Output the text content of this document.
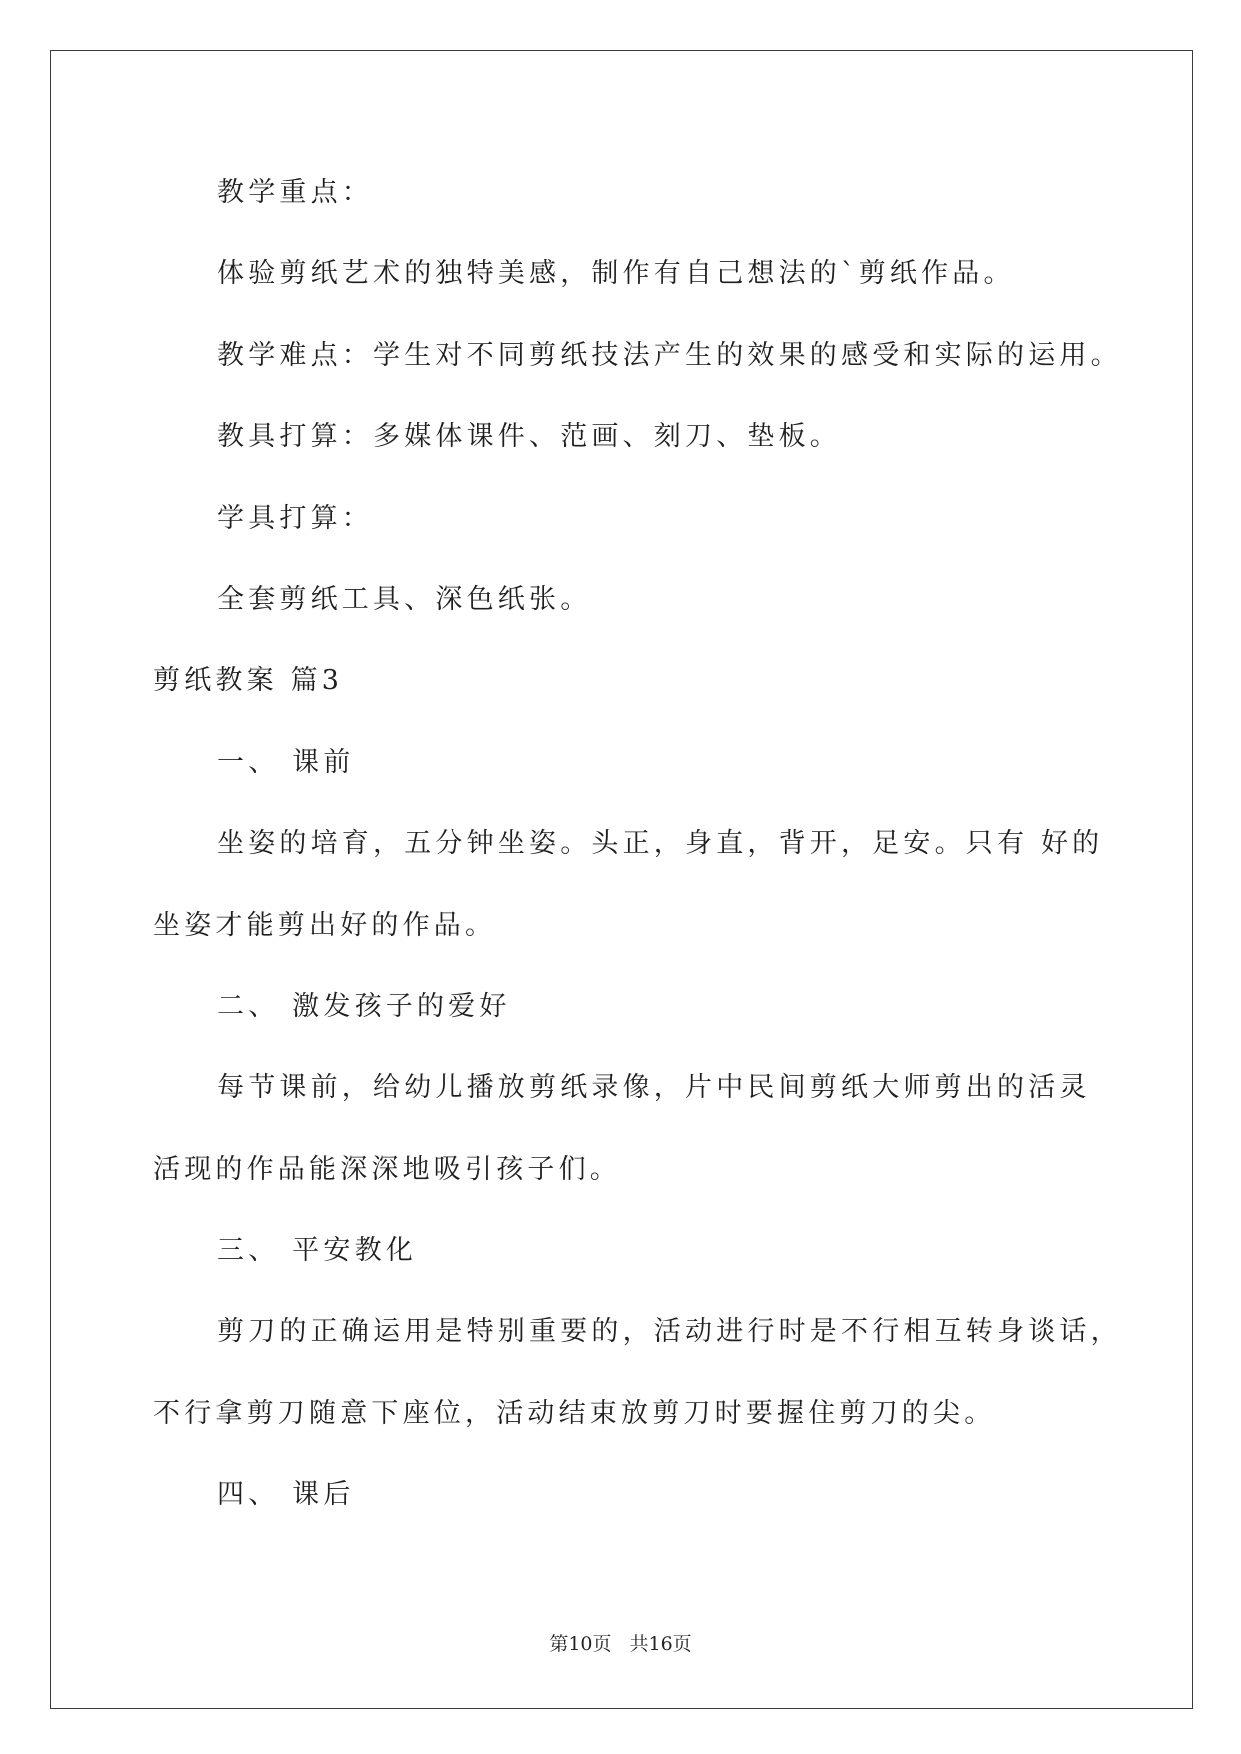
教学重点：
体验剪纸艺术的独特美感，制作有自己想法的`剪纸作品。
教学难点：学生对不同剪纸技法产生的效果的感受和实际的运用。
教具打算：多媒体课件、范画、刻刀、垫板。
学具打算：
全套剪纸工具、深色纸张。
剪纸教案 篇3
一、 课前
坐姿的培育，五分钟坐姿。头正，身直，背开，足安。只有 好的
坐姿才能剪出好的作品。
二、 激发孩子的爱好
每节课前，给幼儿播放剪纸录像，片中民间剪纸大师剪出的活灵
活现的作品能深深地吸引孩子们。
三、 平安教化
剪刀的正确运用是特别重要的，活动进行时是不行相互转身谈话，
不行拿剪刀随意下座位，活动结束放剪刀时要握住剪刀的尖。
四、 课后
第10页 共16页
